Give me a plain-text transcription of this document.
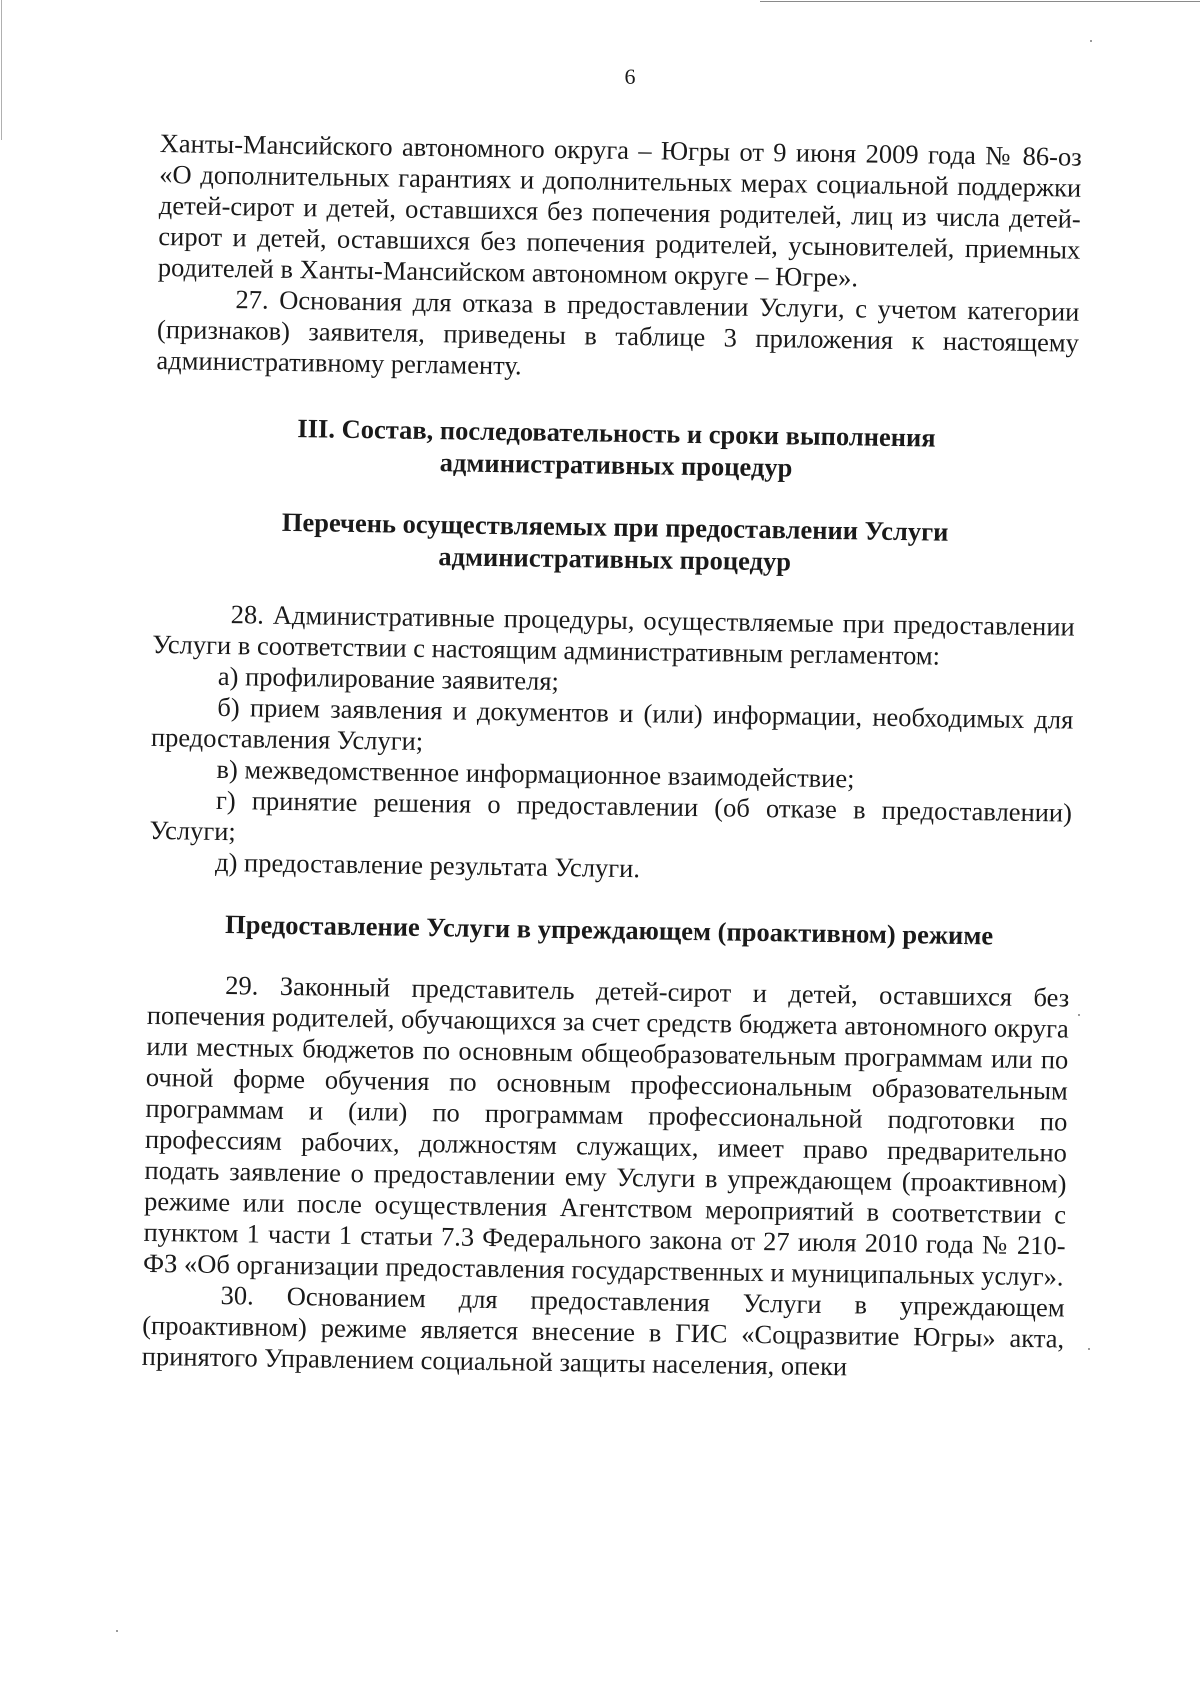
6

Ханты-Мансийского автономного округа – Югры от 9 июня 2009 года № 86-оз «О дополнительных гарантиях и дополнительных мерах социальной поддержки детей-сирот и детей, оставшихся без попечения родителей, лиц из числа детей-сирот и детей, оставшихся без попечения родителей, усыновителей, приемных родителей в Ханты-Мансийском автономном округе – Югре».

27. Основания для отказа в предоставлении Услуги, с учетом категории (признаков) заявителя, приведены в таблице 3 приложения к настоящему административному регламенту.

III. Состав, последовательность и сроки выполнения
административных процедур
Перечень осуществляемых при предоставлении Услуги
административных процедур

28. Административные процедуры, осуществляемые при предоставлении Услуги в соответствии с настоящим административным регламентом:

а) профилирование заявителя;

б) прием заявления и документов и (или) информации, необходимых для предоставления Услуги;

в) межведомственное информационное взаимодействие;

г) принятие решения о предоставлении (об отказе в предоставлении) Услуги;

д) предоставление результата Услуги.

Предоставление Услуги в упреждающем (проактивном) режиме

29. Законный представитель детей-сирот и детей, оставшихся без попечения родителей, обучающихся за счет средств бюджета автономного округа или местных бюджетов по основным общеобразовательным программам или по очной форме обучения по основным профессиональным образовательным программам и (или) по программам профессиональной подготовки по профессиям рабочих, должностям служащих, имеет право предварительно подать заявление о предоставлении ему Услуги в упреждающем (проактивном) режиме или после осуществления Агентством мероприятий в соответствии с пунктом 1 части 1 статьи 7.3 Федерального закона от 27 июля 2010 года № 210-ФЗ «Об организации предоставления государственных и муниципальных услуг».

30. Основанием для предоставления Услуги в упреждающем (проактивном) режиме является внесение в ГИС «Соцразвитие Югры» акта, принятого Управлением социальной защиты населения, опеки
